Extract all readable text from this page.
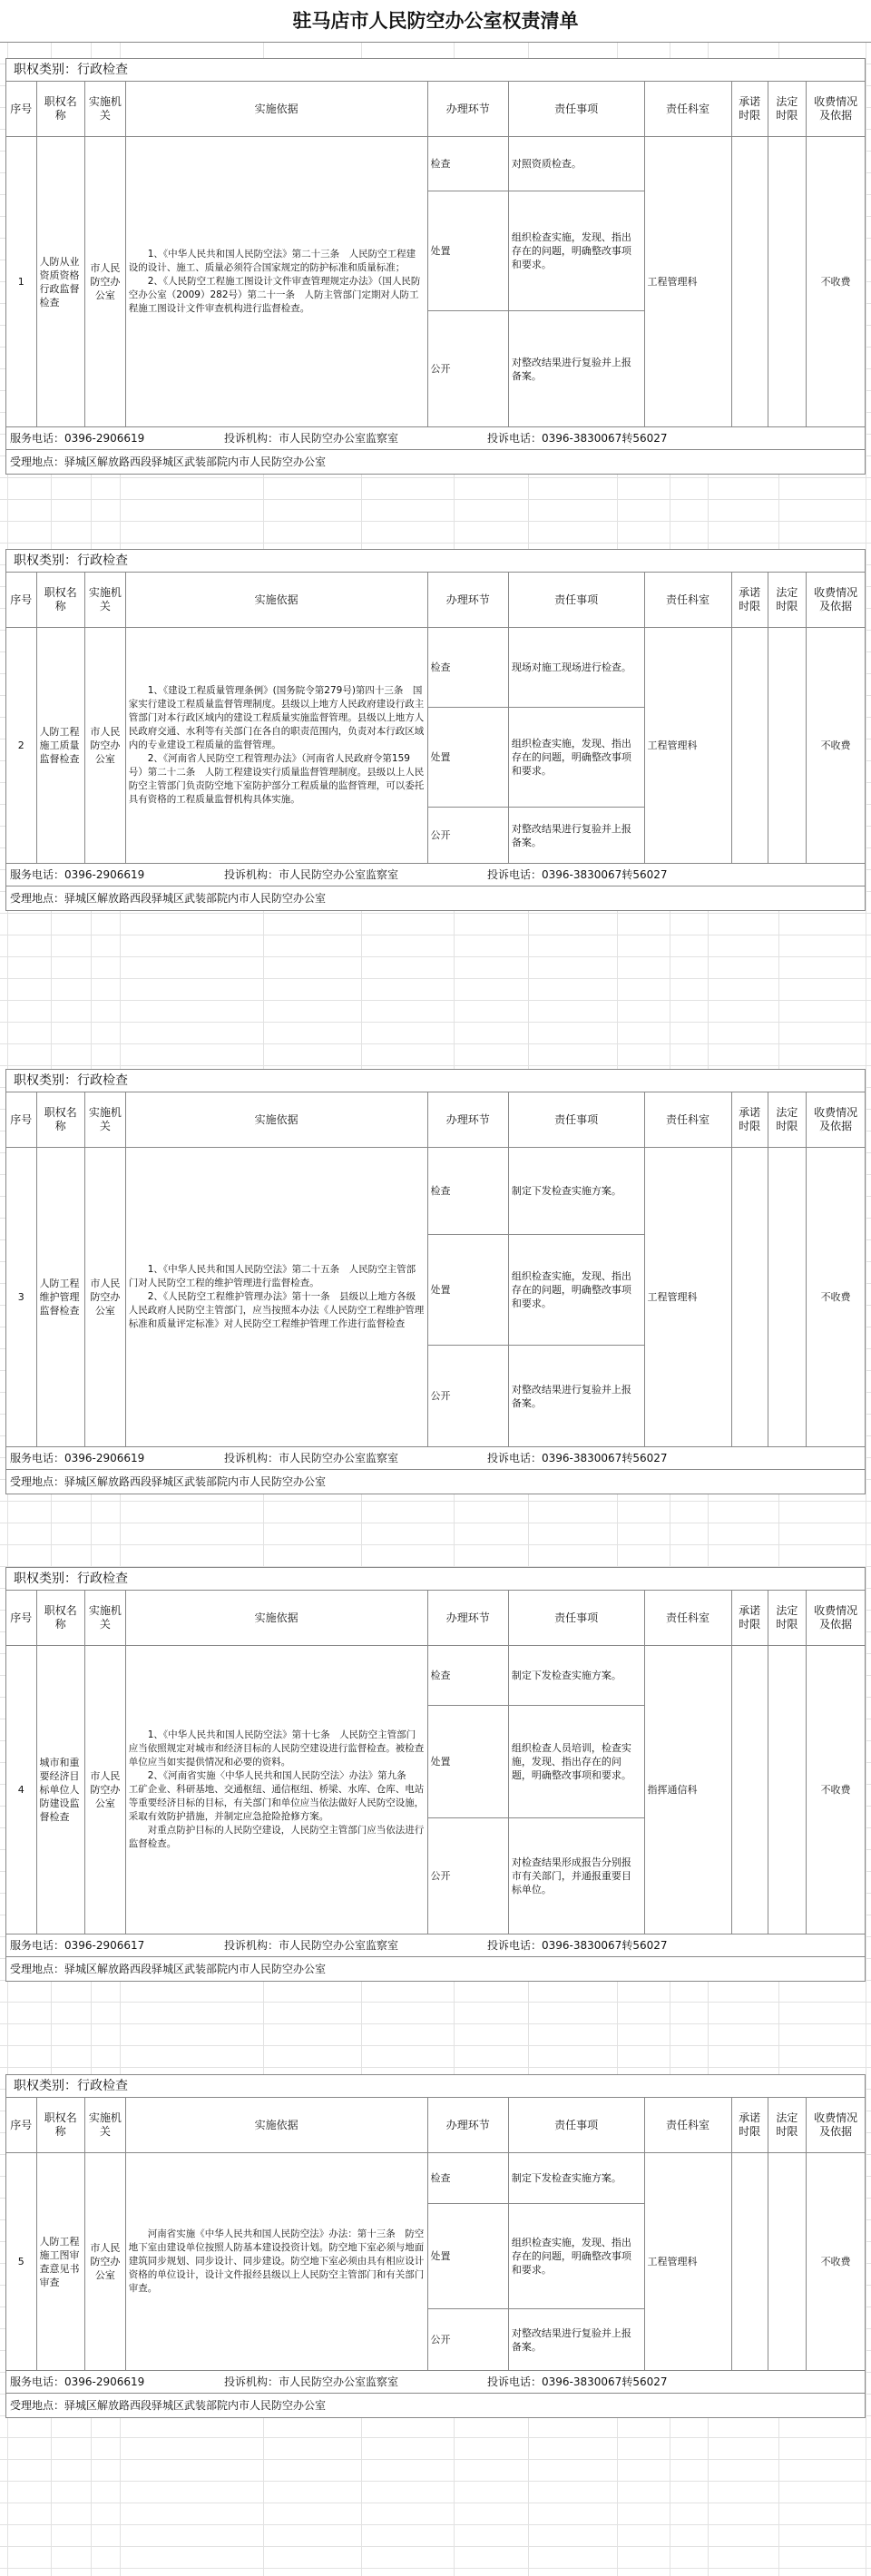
驻马店市人民防空办公室权责清单
职权类别：行政检查
序号	职权名称	实施机关	实施依据	办理环节	责任事项	责任科室	承诺时限	法定时限	收费情况及依据
1	人防从业资质资格行政监督检查	市人民防空办公室	1、《中华人民共和国人民防空法》第二十三条　人民防空工程建设的设计、施工、质量必须符合国家规定的防护标准和质量标准；

2、《人民防空工程施工图设计文件审查管理规定办法》（国人民防空办公室（2009）282号）第二十一条　人防主管部门定期对人防工程施工图设计文件审查机构进行监督检查。	检查	对照资质检查。	工程管理科			不收费
				处置	组织检查实施，发现、指出存在的问题，明确整改事项和要求。				
				公开	对整改结果进行复验并上报备案。				
服务电话：0396-2906619	投诉机构：市人民防空办公室监察室	投诉电话：0396-3830067转56027
受理地点：驿城区解放路西段驿城区武装部院内市人民防空办公室
职权类别：行政检查
序号	职权名称	实施机关	实施依据	办理环节	责任事项	责任科室	承诺时限	法定时限	收费情况及依据
2	人防工程施工质量监督检查	市人民防空办公室	1、《建设工程质量管理条例》(国务院令第279号)第四十三条　国家实行建设工程质量监督管理制度。县级以上地方人民政府建设行政主管部门对本行政区域内的建设工程质量实施监督管理。县级以上地方人民政府交通、水利等有关部门在各自的职责范围内，负责对本行政区域内的专业建设工程质量的监督管理。

2、《河南省人民防空工程管理办法》（河南省人民政府令第159号）第二十二条　人防工程建设实行质量监督管理制度。县级以上人民防空主管部门负责防空地下室防护部分工程质量的监督管理，可以委托具有资格的工程质量监督机构具体实施。	检查	现场对施工现场进行检查。	工程管理科			不收费
				处置	组织检查实施，发现、指出存在的问题，明确整改事项和要求。				
				公开	对整改结果进行复验并上报备案。				
服务电话：0396-2906619	投诉机构：市人民防空办公室监察室	投诉电话：0396-3830067转56027
受理地点：驿城区解放路西段驿城区武装部院内市人民防空办公室
职权类别：行政检查
序号	职权名称	实施机关	实施依据	办理环节	责任事项	责任科室	承诺时限	法定时限	收费情况及依据
3	人防工程维护管理监督检查	市人民防空办公室	1、《中华人民共和国人民防空法》第二十五条　人民防空主管部门对人民防空工程的维护管理进行监督检查。

2、《人民防空工程维护管理办法》第十一条　县级以上地方各级人民政府人民防空主管部门，应当按照本办法《人民防空工程维护管理标准和质量评定标准》对人民防空工程维护管理工作进行监督检查	检查	制定下发检查实施方案。	工程管理科			不收费
				处置	组织检查实施，发现、指出存在的问题，明确整改事项和要求。				
				公开	对整改结果进行复验并上报备案。				
服务电话：0396-2906619	投诉机构：市人民防空办公室监察室	投诉电话：0396-3830067转56027
受理地点：驿城区解放路西段驿城区武装部院内市人民防空办公室
职权类别：行政检查
序号	职权名称	实施机关	实施依据	办理环节	责任事项	责任科室	承诺时限	法定时限	收费情况及依据
4	城市和重要经济目标单位人防建设监督检查	市人民防空办公室	1、《中华人民共和国人民防空法》第十七条　人民防空主管部门应当依照规定对城市和经济目标的人民防空建设进行监督检查。被检查单位应当如实提供情况和必要的资料。

2、《河南省实施〈中华人民共和国人民防空法〉办法》第九条　工矿企业、科研基地、交通枢纽、通信枢纽、桥梁、水库、仓库、电站等重要经济目标的目标，有关部门和单位应当依法做好人民防空设施，采取有效防护措施，并制定应急抢险抢修方案。

对重点防护目标的人民防空建设，人民防空主管部门应当依法进行监督检查。	检查	制定下发检查实施方案。	指挥通信科			不收费
				处置	组织检查人员培训，检查实施，发现、指出存在的问题，明确整改事项和要求。				
				公开	对检查结果形成报告分别报市有关部门，并通报重要目标单位。				
服务电话：0396-2906617	投诉机构：市人民防空办公室监察室	投诉电话：0396-3830067转56027
受理地点：驿城区解放路西段驿城区武装部院内市人民防空办公室
职权类别：行政检查
序号	职权名称	实施机关	实施依据	办理环节	责任事项	责任科室	承诺时限	法定时限	收费情况及依据
5	人防工程施工图审查意见书审查	市人民防空办公室	河南省实施《中华人民共和国人民防空法》办法：第十三条　防空地下室由建设单位按照人防基本建设投资计划。防空地下室必须与地面建筑同步规划、同步设计、同步建设。防空地下室必须由具有相应设计资格的单位设计，设计文件报经县级以上人民防空主管部门和有关部门审查。	检查	制定下发检查实施方案。	工程管理科			不收费
				处置	组织检查实施，发现、指出存在的问题，明确整改事项和要求。				
				公开	对整改结果进行复验并上报备案。				
服务电话：0396-2906619	投诉机构：市人民防空办公室监察室	投诉电话：0396-3830067转56027
受理地点：驿城区解放路西段驿城区武装部院内市人民防空办公室
